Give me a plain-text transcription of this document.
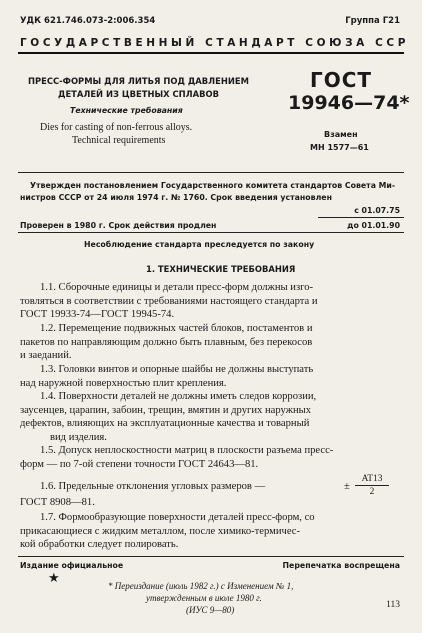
УДК 621.746.073-2:006.354	Группа Г21
ГОСУДАРСТВЕННЫЙ СТАНДАРТ СОЮЗА ССР
ПРЕСС-ФОРМЫ ДЛЯ ЛИТЬЯ ПОД ДАВЛЕНИЕМ
ДЕТАЛЕЙ ИЗ ЦВЕТНЫХ СПЛАВОВ
Технические требования
Dies for casting of non-ferrous alloys.
Technical requirements
ГОСТ
19946—74*
Взамен
МН 1577—61
Утвержден постановлением Государственного комитета стандартов Совета Ми-
нистров СССР от 24 июля 1974 г. № 1760. Срок введения установлен
с 01.07.75
Проверен в 1980 г. Срок действия продлен	до 01.01.90
Несоблюдение стандарта преследуется по закону
1. ТЕХНИЧЕСКИЕ ТРЕБОВАНИЯ
1.1. Сборочные единицы и детали пресс-форм должны изго-
товляться в соответствии с требованиями настоящего стандарта и
ГОСТ 19933-74—ГОСТ 19945-74.
1.2. Перемещение подвижных частей блоков, постаментов и
пакетов по направляющим должно быть плавным, без перекосов
и заеданий.
1.3. Головки винтов и опорные шайбы не должны выступать
над наружной поверхностью плит крепления.
1.4. Поверхности деталей не должны иметь следов коррозии,
заусенцев, царапин, забоин, трещин, вмятин и других наружных
дефектов, влияющих на эксплуатационные качества и товарный
вид изделия.
1.5. Допуск неплоскостности матриц в плоскости разъема пресс-
форм — по 7-ой степени точности ГОСТ 24643—81.
1.6. Предельные отклонения угловых размеров —	±
AT13
2
ГОСТ 8908—81.
1.7. Формообразующие поверхности деталей пресс-форм, со
прикасающиеся с жидким металлом, после химико-термичес-
кой обработки следует полировать.
Издание официальное	Перепечатка воспрещена
★
* Переиздание (июль 1982 г.) с Изменением № 1,
утвержденным в июле 1980 г.
(ИУС 9—80)	113
